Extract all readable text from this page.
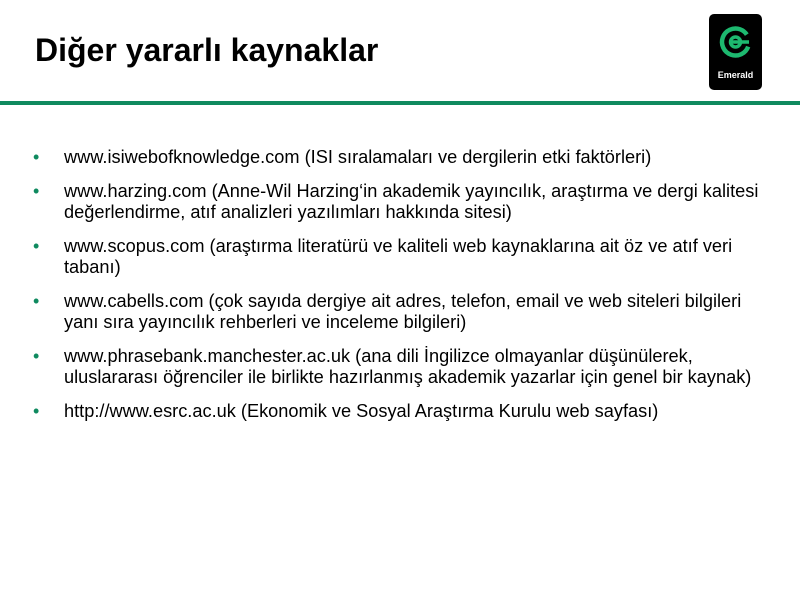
Diğer yararlı kaynaklar
Emerald
• www.isiwebofknowledge.com (ISI sıralamaları ve dergilerin etki faktörleri)
• www.harzing.com (Anne-Wil Harzing‘in akademik yayıncılık, araştırma ve dergi kalitesi değerlendirme, atıf analizleri yazılımları hakkında sitesi)
• www.scopus.com (araştırma literatürü ve kaliteli web kaynaklarına ait öz ve atıf veri tabanı)
• www.cabells.com (çok sayıda dergiye ait adres, telefon, email ve web siteleri bilgileri yanı sıra yayıncılık rehberleri ve inceleme bilgileri)
• www.phrasebank.manchester.ac.uk (ana dili İngilizce olmayanlar düşünülerek, uluslararası öğrenciler ile birlikte hazırlanmış akademik yazarlar için genel bir kaynak)
• http://www.esrc.ac.uk (Ekonomik ve Sosyal Araştırma Kurulu web sayfası)
